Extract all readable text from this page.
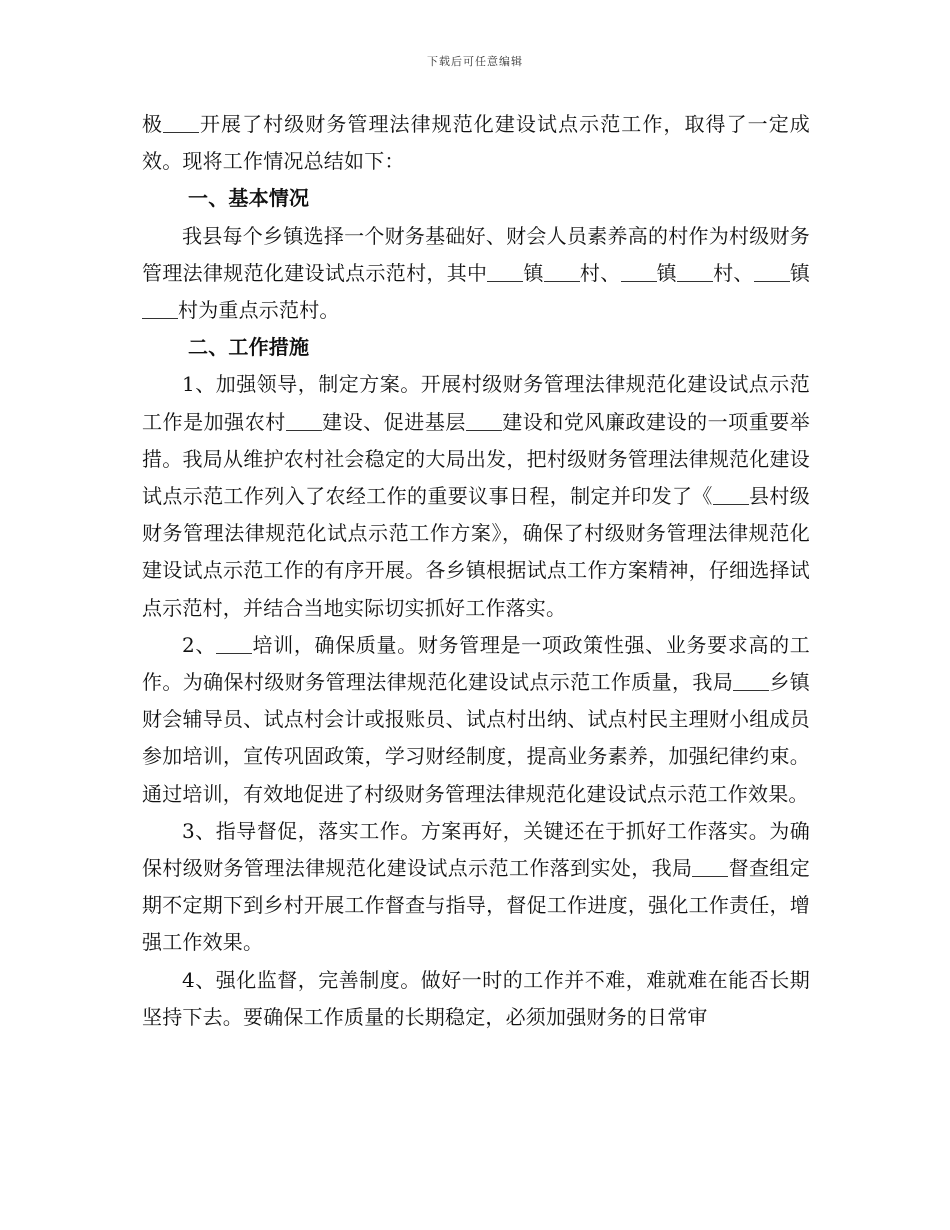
下载后可任意编辑

极 开展了村级财务管理法律规范化建设试点示范工作，取得了一定成效。现将工作情况总结如下：

一、基本情况

我县每个乡镇选择一个财务基础好、财会人员素养高的村作为村级财务管理法律规范化建设试点示范村，其中 镇 村、 镇 村、 镇村为重点示范村。

二、工作措施

1、加强领导，制定方案。开展村级财务管理法律规范化建设试点示范工作是加强农村 建设、促进基层 建设和党风廉政建设的一项重要举措。我局从维护农村社会稳定的大局出发，把村级财务管理法律规范化建设试点示范工作列入了农经工作的重要议事日程，制定并印发了《 县村级财务管理法律规范化试点示范工作方案》，确保了村级财务管理法律规范化建设试点示范工作的有序开展。各乡镇根据试点工作方案精神，仔细选择试点示范村，并结合当地实际切实抓好工作落实。

2、 培训，确保质量。财务管理是一项政策性强、业务要求高的工作。为确保村级财务管理法律规范化建设试点示范工作质量，我局 乡镇财会辅导员、试点村会计或报账员、试点村出纳、试点村民主理财小组成员参加培训，宣传巩固政策，学习财经制度，提高业务素养，加强纪律约束。通过培训，有效地促进了村级财务管理法律规范化建设试点示范工作效果。

3、指导督促，落实工作。方案再好，关键还在于抓好工作落实。为确保村级财务管理法律规范化建设试点示范工作落到实处，我局 督查组定期不定期下到乡村开展工作督查与指导，督促工作进度，强化工作责任，增强工作效果。

4、强化监督，完善制度。做好一时的工作并不难，难就难在能否长期坚持下去。要确保工作质量的长期稳定，必须加强财务的日常审
